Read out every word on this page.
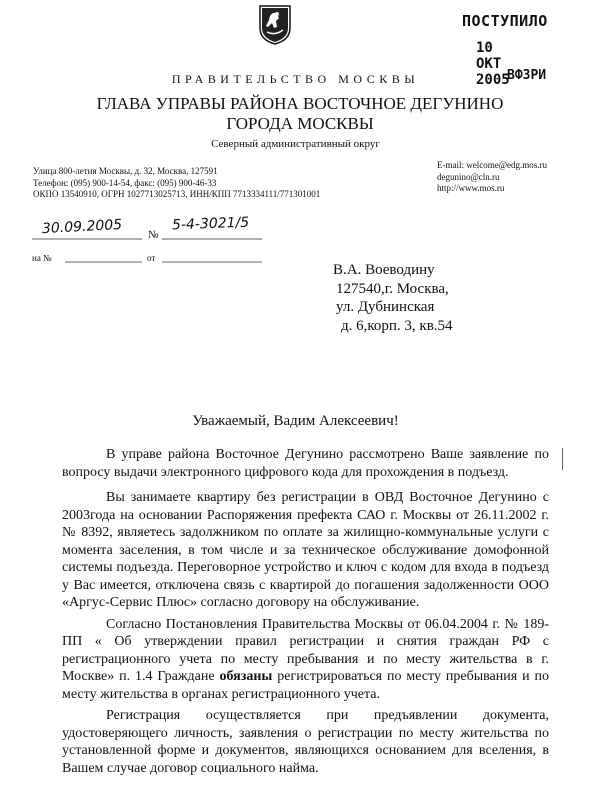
ПОСТУПИЛО
10 ОКТ 2005
ВФЗРИ
ПРАВИТЕЛЬСТВО МОСКВЫ
ГЛАВА УПРАВЫ РАЙОНА ВОСТОЧНОЕ ДЕГУНИНО
ГОРОДА МОСКВЫ
Северный административный округ
Улица 800-летия Москвы, д. 32, Москва, 127591
Телефон: (095) 900-14-54, факс: (095) 900-46-33
ОКПО 13540910, ОГРН 1027713025713, ИНН/КПП 7713334111/771301001
E-mail: welcome@edg.mos.ru
degunino@cln.ru
http://www.mos.ru
30.09.2005 №
5-4-3021/5
на №	от
В.А. Воеводину
127540,г. Москва,
ул. Дубнинская
д. 6,корп. 3, кв.54
Уважаемый, Вадим Алексеевич!

В управе района Восточное Дегунино рассмотрено Ваше заявление по вопросу выдачи электронного цифрового кода для прохождения в подъезд.

Вы занимаете квартиру без регистрации в ОВД Восточное Дегунино с 2003года на основании Распоряжения префекта САО г. Москвы от 26.11.2002 г. № 8392, являетесь задолжником по оплате за жилищно-коммунальные услуги с момента заселения, в том числе и за техническое обслуживание домофонной системы подъезда. Переговорное устройство и ключ с кодом для входа в подъезд у Вас имеется, отключена связь с квартирой до погашения задолженности ООО «Аргус-Сервис Плюс» согласно договору на обслуживание.

Согласно Постановления Правительства Москвы от 06.04.2004 г. № 189-ПП « Об утверждении правил регистрации и снятия граждан РФ с регистрационного учета по месту пребывания и по месту жительства в г. Москве» п. 1.4 Граждане обязаны регистрироваться по месту пребывания и по месту жительства в органах регистрационного учета.

Регистрация осуществляется при предъявлении документа, удостоверяющего личность, заявления о регистрации по месту жительства по установленной форме и документов, являющихся основанием для вселения, в Вашем случае договор социального найма.
